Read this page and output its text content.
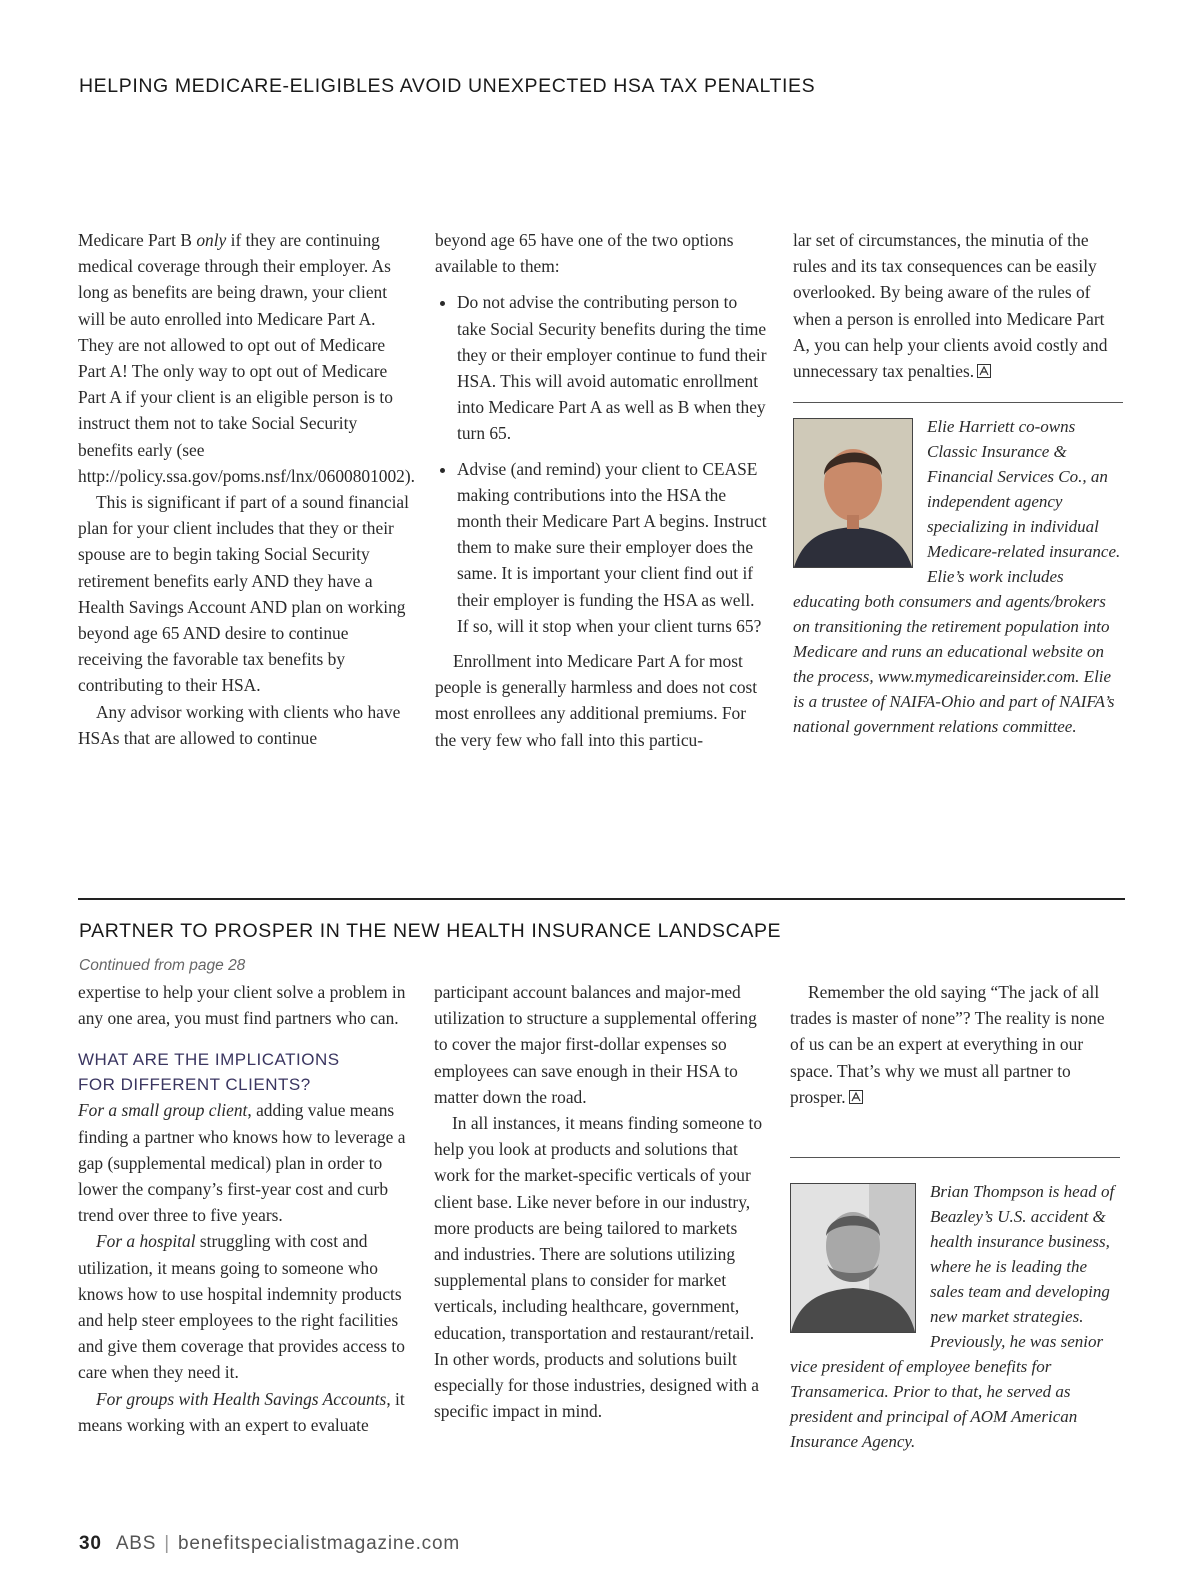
HELPING MEDICARE-ELIGIBLES AVOID UNEXPECTED HSA TAX PENALTIES

Medicare Part B only if they are continuing medical coverage through their employer. As long as benefits are being drawn, your client will be auto enrolled into Medicare Part A. They are not allowed to opt out of Medicare Part A! The only way to opt out of Medicare Part A if your client is an eligible person is to instruct them not to take Social Security benefits early (see http://policy.ssa.gov/poms.nsf/lnx/0600801002).

This is significant if part of a sound financial plan for your client includes that they or their spouse are to begin taking Social Security retirement benefits early AND they have a Health Savings Account AND plan on working beyond age 65 AND desire to continue receiving the favorable tax benefits by contributing to their HSA.

Any advisor working with clients who have HSAs that are allowed to continue

beyond age 65 have one of the two options available to them:

• Do not advise the contributing person to take Social Security benefits during the time they or their employer continue to fund their HSA. This will avoid automatic enrollment into Medicare Part A as well as B when they turn 65.
• Advise (and remind) your client to CEASE making contributions into the HSA the month their Medicare Part A begins. Instruct them to make sure their employer does the same. It is important your client find out if their employer is funding the HSA as well. If so, will it stop when your client turns 65?

Enrollment into Medicare Part A for most people is generally harmless and does not cost most enrollees any additional premiums. For the very few who fall into this particu-

lar set of circumstances, the minutia of the rules and its tax consequences can be easily overlooked. By being aware of the rules of when a person is enrolled into Medicare Part A, you can help your clients avoid costly and unnecessary tax penalties.

Elie Harriett co-owns Classic Insurance & Financial Services Co., an independent agency specializing in individual Medicare-related insurance. Elie’s work includes educating both consumers and agents/brokers on transitioning the retirement population into Medicare and runs an educational website on the process, www.mymedicareinsider.com. Elie is a trustee of NAIFA-Ohio and part of NAIFA’s national government relations committee.
PARTNER TO PROSPER IN THE NEW HEALTH INSURANCE LANDSCAPE
Continued from page 28

expertise to help your client solve a problem in any one area, you must find partners who can.

WHAT ARE THE IMPLICATIONS
FOR DIFFERENT CLIENTS?

For a small group client, adding value means finding a partner who knows how to leverage a gap (supplemental medical) plan in order to lower the company’s first-year cost and curb trend over three to five years.

For a hospital struggling with cost and utilization, it means going to someone who knows how to use hospital indemnity products and help steer employees to the right facilities and give them coverage that provides access to care when they need it.

For groups with Health Savings Accounts, it means working with an expert to evaluate

participant account balances and major-med utilization to structure a supplemental offering to cover the major first-dollar expenses so employees can save enough in their HSA to matter down the road.

In all instances, it means finding someone to help you look at products and solutions that work for the market-specific verticals of your client base. Like never before in our industry, more products are being tailored to markets and industries. There are solutions utilizing supplemental plans to consider for market verticals, including healthcare, government, education, transportation and restaurant/retail. In other words, products and solutions built especially for those industries, designed with a specific impact in mind.

Remember the old saying “The jack of all trades is master of none”? The reality is none of us can be an expert at everything in our space. That’s why we must all partner to prosper.

Brian Thompson is head of Beazley’s U.S. accident & health insurance business, where he is leading the sales team and developing new market strategies. Previously, he was senior vice president of employee benefits for Transamerica. Prior to that, he served as president and principal of AOM American Insurance Agency.
30 ABS | benefitspecialistmagazine.com
